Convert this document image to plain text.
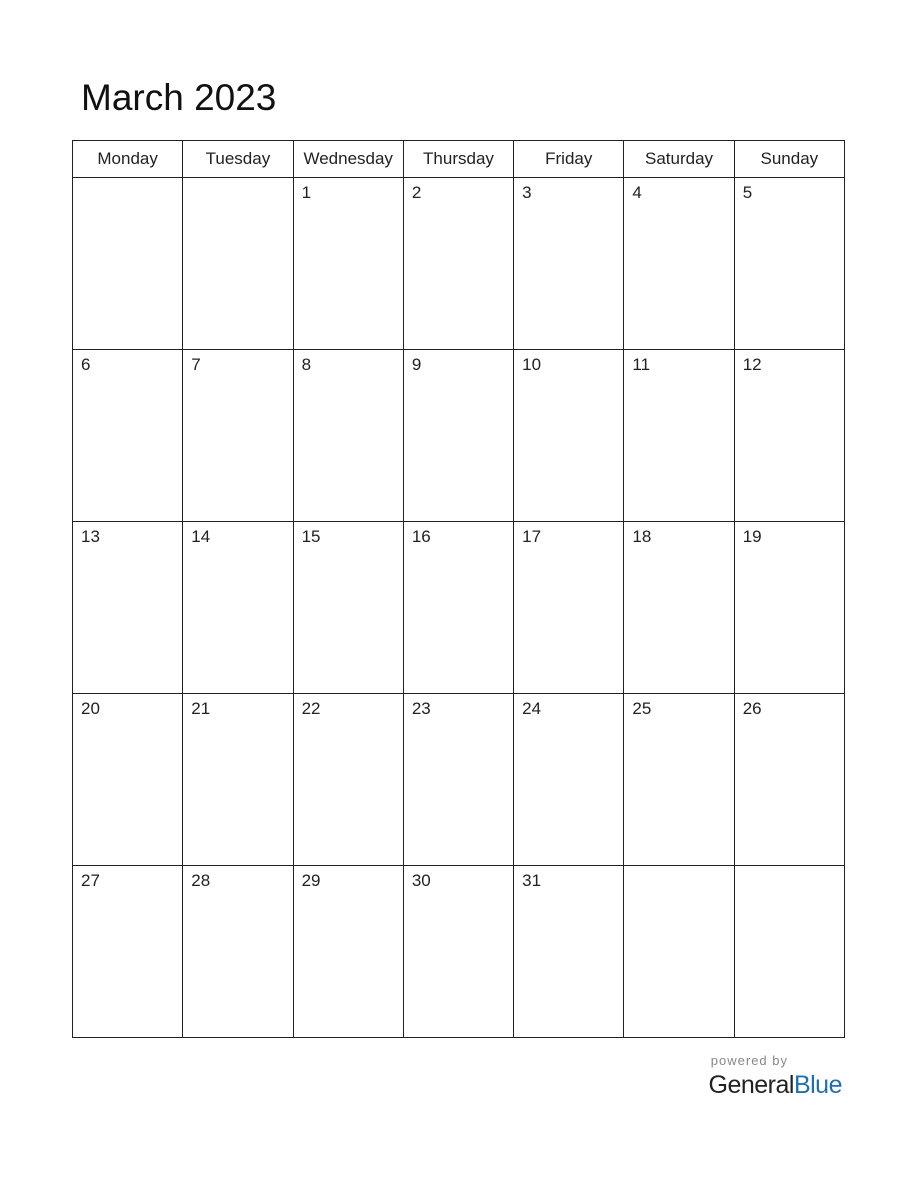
March 2023
Monday	Tuesday	Wednesday	Thursday	Friday	Saturday	Sunday

		1	2	3	4	5

6	7	8	9	10	11	12

13	14	15	16	17	18	19

20	21	22	23	24	25	26

27	28	29	30	31		

powered by
GeneralBlue
